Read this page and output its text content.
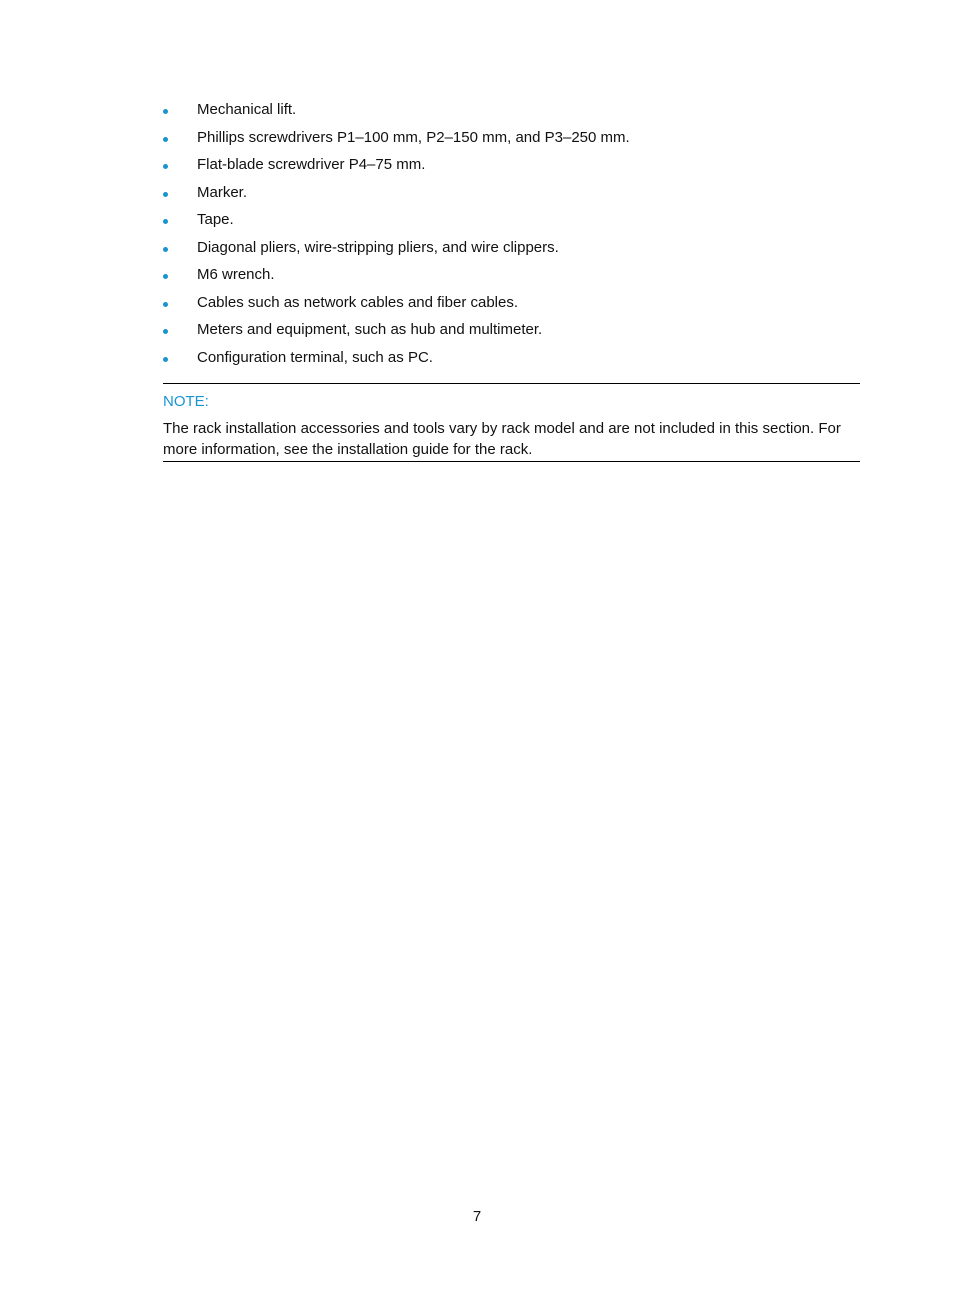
Mechanical lift.
Phillips screwdrivers P1–100 mm, P2–150 mm, and P3–250 mm.
Flat-blade screwdriver P4–75 mm.
Marker.
Tape.
Diagonal pliers, wire-stripping pliers, and wire clippers.
M6 wrench.
Cables such as network cables and fiber cables.
Meters and equipment, such as hub and multimeter.
Configuration terminal, such as PC.
NOTE:
The rack installation accessories and tools vary by rack model and are not included in this section. For more information, see the installation guide for the rack.
7
